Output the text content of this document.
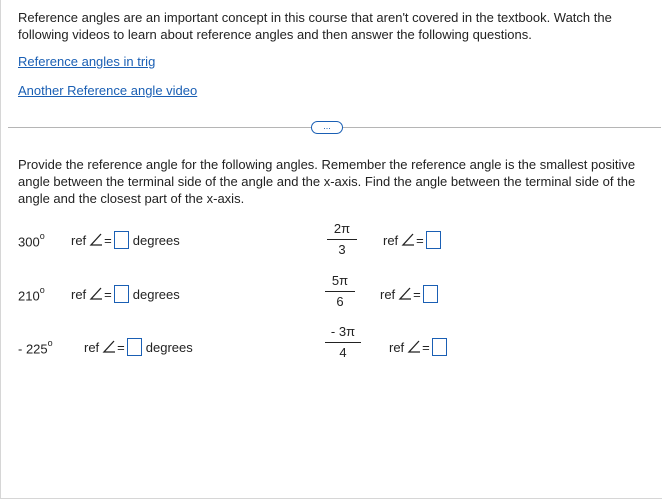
Reference angles are an important concept in this course that aren't covered in the textbook. Watch the
following videos to learn about reference angles and then answer the following questions.
Reference angles in trig
Another Reference angle video
...
Provide the reference angle for the following angles. Remember the reference angle is the smallest positive
angle between the terminal side of the angle and the x-axis. Find the angle between the terminal side of the
angle and the closest part of the x-axis.
300$^o$ ref = degrees
210$^o$ ref = degrees
- 225$^o$ ref = degrees
2π
3
ref =
5π
6	ref =
- 3π
4	ref =
